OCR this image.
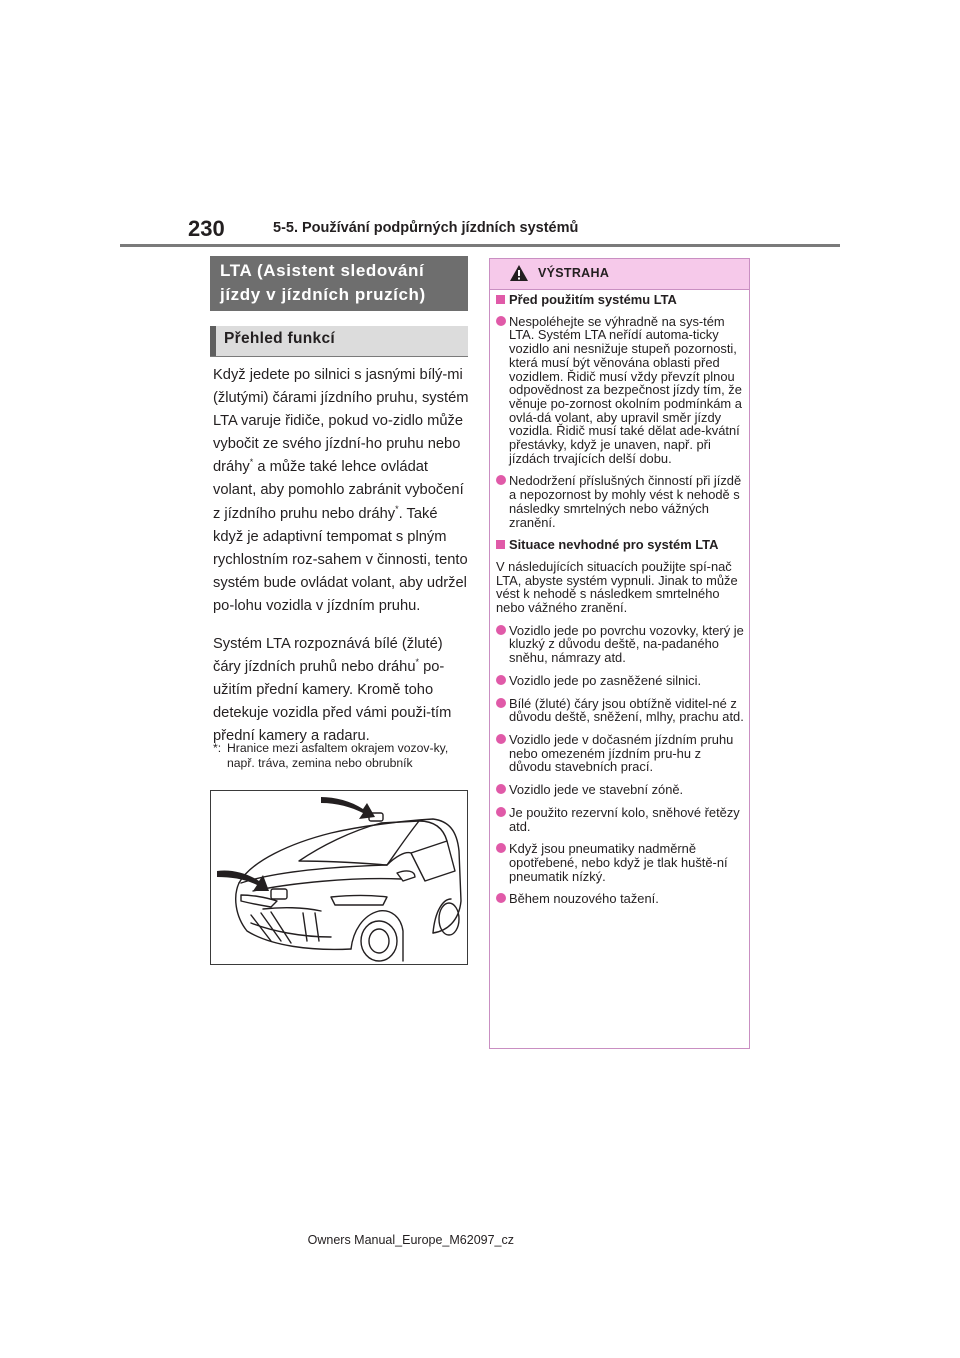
230	5-5. Používání podpůrných jízdních systémů
LTA (Asistent sledování
jízdy v jízdních pruzích)
Přehled funkcí

Když jedete po silnici s jasnými bílý-mi (žlutými) čárami jízdního pruhu, systém LTA varuje řidiče, pokud vo-zidlo může vybočit ze svého jízdní-ho pruhu nebo dráhy* a může také lehce ovládat volant, aby pomohlo zabránit vybočení z jízdního pruhu nebo dráhy*. Také když je adaptivní tempomat s plným rychlostním roz-sahem v činnosti, tento systém bude ovládat volant, aby udržel po-lohu vozidla v jízdním pruhu.

Systém LTA rozpoznává bílé (žluté) čáry jízdních pruhů nebo dráhu* po-užitím přední kamery. Kromě toho detekuje vozidla před vámi použi-tím přední kamery a radaru.

*: Hranice mezi asfaltem okrajem vozov-ky, např. tráva, zemina nebo obrubník
VÝSTRAHA
Před použitím systému LTA
Nespoléhejte se výhradně na sys-tém LTA. Systém LTA neřídí automa-ticky vozidlo ani nesnižuje stupeň pozornosti, která musí být věnována oblasti před vozidlem. Řidič musí vždy převzít plnou odpovědnost za bezpečnost jízdy tím, že věnuje po-zornost okolním podmínkám a ovlá-dá volant, aby upravil směr jízdy vozidla. Řidič musí také dělat ade-kvátní přestávky, když je unaven, např. při jízdách trvajících delší dobu.
Nedodržení příslušných činností při jízdě a nepozornost by mohly vést k nehodě s následky smrtelných nebo vážných zranění.
Situace nevhodné pro systém LTA
V následujících situacích použijte spí-nač LTA, abyste systém vypnuli. Jinak to může vést k nehodě s následkem smrtelného nebo vážného zranění.
Vozidlo jede po povrchu vozovky, který je kluzký z důvodu deště, na-padaného sněhu, námrazy atd.
Vozidlo jede po zasněžené silnici.
Bílé (žluté) čáry jsou obtížně viditel-né z důvodu deště, sněžení, mlhy, prachu atd.
Vozidlo jede v dočasném jízdním pruhu nebo omezeném jízdním pru-hu z důvodu stavebních prací.
Vozidlo jede ve stavební zóně.
Je použito rezervní kolo, sněhové řetězy atd.
Když jsou pneumatiky nadměrně opotřebené, nebo když je tlak huště-ní pneumatik nízký.
Během nouzového tažení.
Owners Manual_Europe_M62097_cz
